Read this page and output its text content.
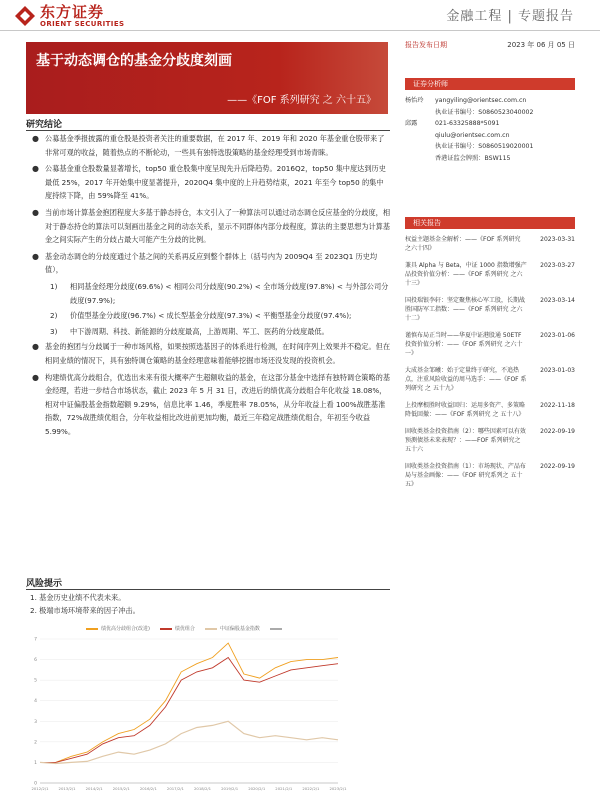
东方证券
ORIENT SECURITIES	金融工程 | 专题报告
基于动态调仓的基金分歧度刻画
——《FOF 系列研究 之 六十五》
报告发布日期	2023 年 06 月 05 日
证券分析师
杨怡玲	yangyiling@orientsec.com.cn
执业证书编号：S0860523040002
邱露	021-63325888*5091
qiulu@orientsec.com.cn
执业证书编号：S0860519020001
香港证监会牌照：BSW115
相关报告
权益主题基金全解析：——《FOF 系列研究 之六十四》
2023-03-31
兼具 Alpha 与 Beta，中证 1000 指数增强产品投资价值分析：——《FOF 系列研究 之六十三》
2023-03-27
国投瑞银李轩：坚定聚焦核心军工股，长期战胜国防军工指数：——《FOF 系列研究 之六十二》
2023-03-14
谨慎布局正当时——华夏中证港股通 50ETF 投资价值分析：——《FOF 系列研究 之六十一》
2023-01-06
大成基金邹曦：始于定量终于研究，不追热点，注重风险收益的周马选手：——《FOF 系列研究 之 五十九》
2023-01-03
上投摩根胜时收益回归：运用多资产、多策略降低回撤：——《FOF 系列研究 之 五十八》
2022-11-18
固收类基金投资指南（2）：哪些因素可以有效预测债基未来表现？：——FOF 系列研究之 五十六
2022-09-19
固收类基金投资指南（1）：市场现状、产品布局与基金画像：——《FOF 研究系列之 五十五》
2022-09-19
研究结论
● 公募基金季报披露的重仓股是投资者关注的重要数据，在 2017 年、2019 年和 2020 年基金重仓股带来了非常可观的收益，随着热点的不断轮动，一些具有独特选股策略的基金经理受到市场青睐。
● 公募基金重仓股数量显著增长，top50 重仓股集中度呈现先升后降趋势。2016Q2，top50 集中度达到历史最低 25%，2017 年开始集中度显著提升，2020Q4 集中度的上升趋势结束，2021 年至今 top50 的集中度持续下降，由 59%降至 41%。
● 当前市场计算基金抱团程度大多基于静态持仓，本文引入了一种算法可以通过动态调仓反应基金的分歧度，相对于静态持仓的算法可以刻画出基金之间的动态关系，显示不同群体内部分歧程度，算法的主要思想为计算基金之间实际产生的分歧占最大可能产生分歧的比例。
● 基金动态调仓的分歧度通过个基之间的关系再反应到整个群体上（括号内为 2009Q4 至 2023Q1 历史均值），
1) 相同基金经理分歧度(69.6%) < 相同公司分歧度(90.2%) < 全市场分歧度(97.8%) < 与外部公司分歧度(97.9%);
2) 价值型基金分歧度(96.7%) < 成长型基金分歧度(97.3%) < 平衡型基金分歧度(97.4%);
3) 中下游周期、科技、新能源的分歧度最高，上游周期、军工、医药的分歧度最低。
● 基金的抱团与分歧属于一种市场风格，如果按照选基因子的体系进行检测，在时间序列上效果并不稳定。但在相同业绩的情况下，具有独特调仓策略的基金经理意味着能够挖掘市场还没发现的投资机会。
● 构建绩优高分歧组合，优选出未来有很大概率产生超额收益的基金，在这部分基金中选择有独特调仓策略的基金经理，若进一步结合市场状态，截止 2023 年 5 月 31 日，改进后的绩优高分歧组合年化收益 18.08%，相对中证偏股基金指数超额 9.29%，信息比率 1.46，季度胜率 78.05%，从分年收益上看 100%战胜基准指数，72%战胜绩优组合，分年收益相比改进前更加均衡，最近三年稳定战胜绩优组合，年初至今收益 5.99%。
风险提示
1. 基金历史业绩不代表未来。
2. 极端市场环境带来的因子冲击。
绩优高分歧组合(改进)	绩优组合	中证偏股基金指数
0
1
2
3
4
5
6
7
2012/2/1	2013/2/1	2014/2/1	2015/2/1	2016/2/1	2017/2/1	2018/2/1	2019/2/1	2020/2/1	2021/2/1	2022/2/1	2023/2/1
